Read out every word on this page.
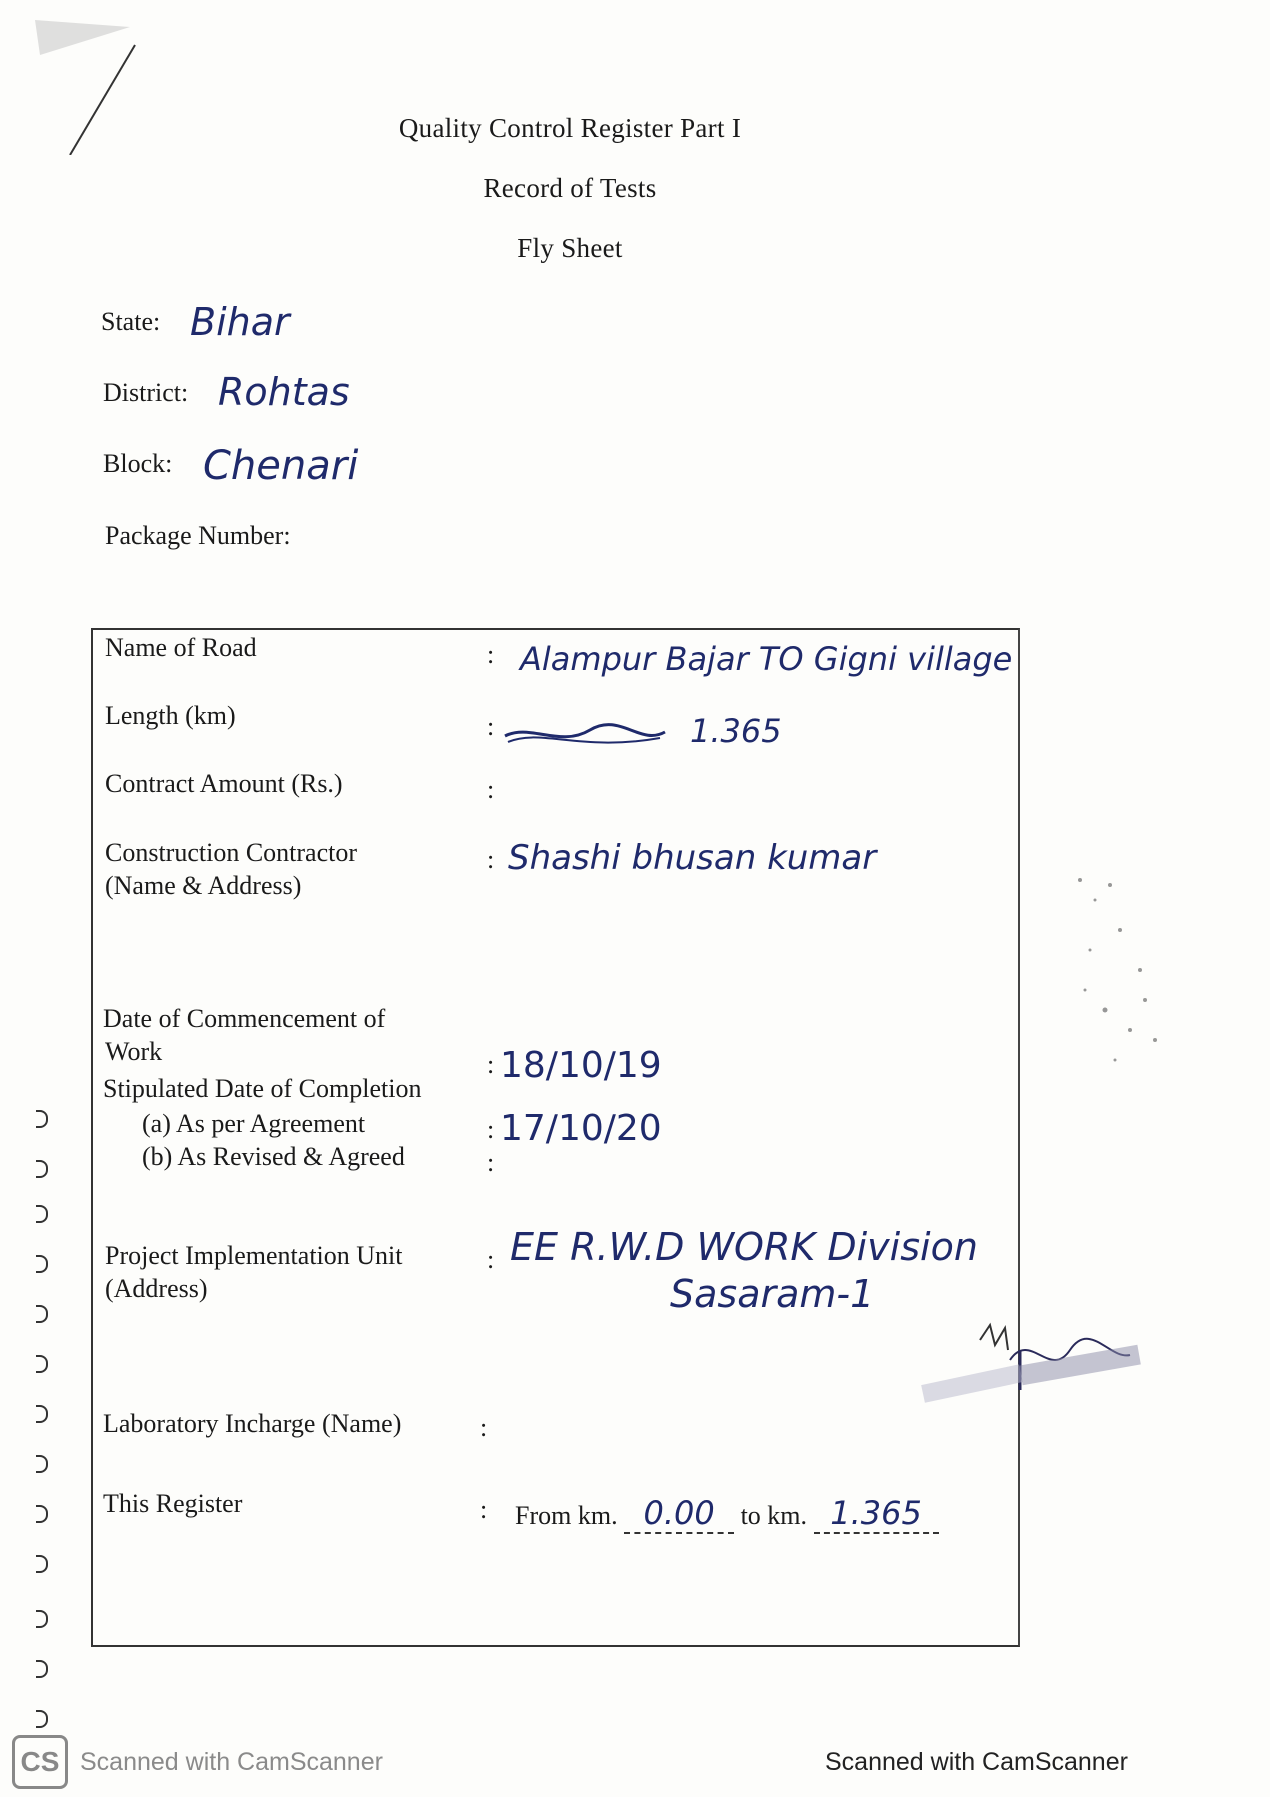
Quality Control Register Part I
Record of Tests
Fly Sheet
State: Bihar
District: Rohtas
Block: Chenari
Package Number:
Name of Road	: Alampur Bajar TO Gigni village
Length (km)	:	1.365
Contract Amount (Rs.)	:
Construction Contractor
(Name & Address)
: Shashi bhusan kumar
Date of Commencement of
Work	: 18/10/19
Stipulated Date of Completion
(a) As per Agreement	: 17/10/20
(b) As Revised & Agreed	:
Project Implementation Unit
(Address)
: EE R.W.D WORK Division
Sasaram-1
Laboratory Incharge (Name)	:
This Register	: From km. 0.00 to km. 1.365
CS Scanned with CamScanner	Scanned with CamScanner
